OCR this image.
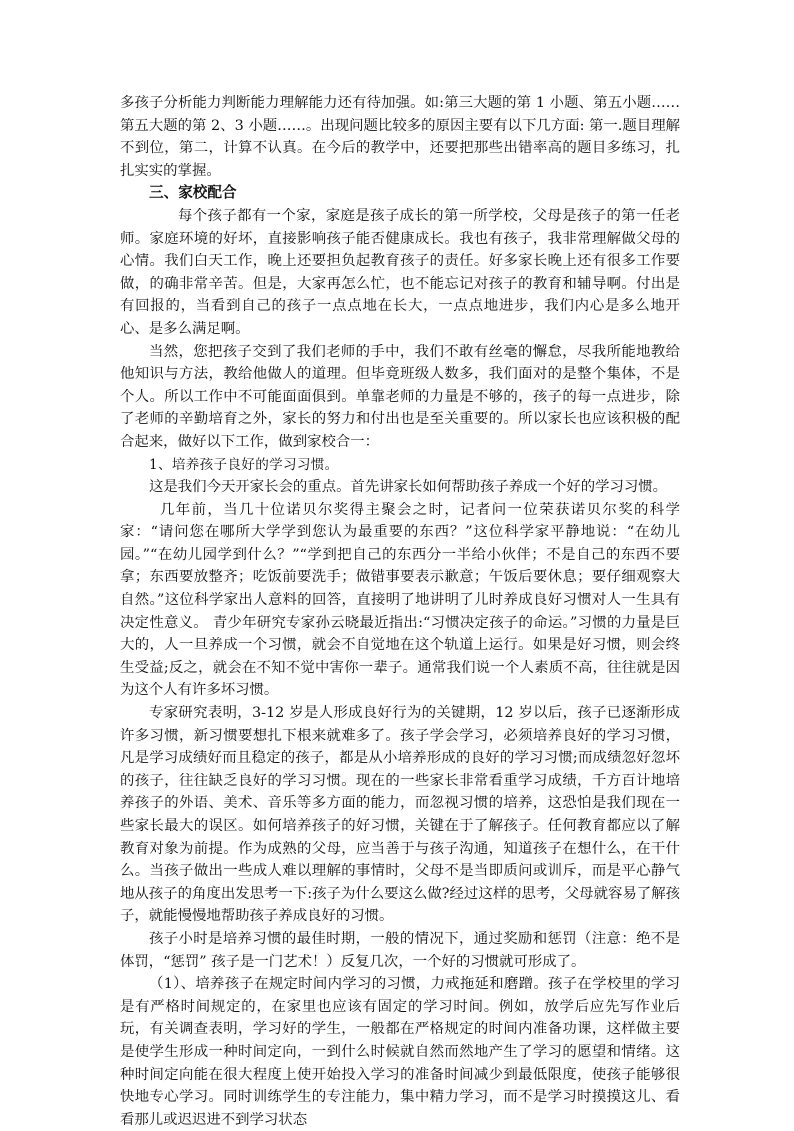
多孩子分析能力判断能力理解能力还有待加强。如:第三大题的第 1 小题、第五小题……第五大题的第 2、3 小题……。出现问题比较多的原因主要有以下几方面: 第一.题目理解不到位，第二，计算不认真。在今后的教学中，还要把那些出错率高的题目多练习，扎扎实实的掌握。

三、家校配合

每个孩子都有一个家，家庭是孩子成长的第一所学校，父母是孩子的第一任老师。家庭环境的好坏，直接影响孩子能否健康成长。我也有孩子，我非常理解做父母的心情。我们白天工作，晚上还要担负起教育孩子的责任。好多家长晚上还有很多工作要做，的确非常辛苦。但是，大家再怎么忙，也不能忘记对孩子的教育和辅导啊。付出是有回报的，当看到自己的孩子一点点地在长大，一点点地进步，我们内心是多么地开心、是多么满足啊。

当然，您把孩子交到了我们老师的手中，我们不敢有丝毫的懈怠，尽我所能地教给他知识与方法，教给他做人的道理。但毕竟班级人数多，我们面对的是整个集体，不是个人。所以工作中不可能面面俱到。单靠老师的力量是不够的，孩子的每一点进步，除了老师的辛勤培育之外，家长的努力和付出也是至关重要的。所以家长也应该积极的配合起来，做好以下工作，做到家校合一：

1、培养孩子良好的学习习惯。

这是我们今天开家长会的重点。首先讲家长如何帮助孩子养成一个好的学习习惯。

几年前，当几十位诺贝尔奖得主聚会之时，记者问一位荣获诺贝尔奖的科学家：“请问您在哪所大学学到您认为最重要的东西？”这位科学家平静地说：“在幼儿园。”“在幼儿园学到什么？”“学到把自己的东西分一半给小伙伴；不是自己的东西不要拿；东西要放整齐；吃饭前要洗手；做错事要表示歉意；午饭后要休息；要仔细观察大自然。”这位科学家出人意料的回答，直接明了地讲明了儿时养成良好习惯对人一生具有决定性意义。 青少年研究专家孙云晓最近指出:“习惯决定孩子的命运。”习惯的力量是巨大的，人一旦养成一个习惯，就会不自觉地在这个轨道上运行。如果是好习惯，则会终生受益;反之，就会在不知不觉中害你一辈子。通常我们说一个人素质不高，往往就是因为这个人有许多坏习惯。

专家研究表明，3-12 岁是人形成良好行为的关键期，12 岁以后，孩子已逐渐形成许多习惯，新习惯要想扎下根来就难多了。孩子学会学习，必须培养良好的学习习惯，凡是学习成绩好而且稳定的孩子，都是从小培养形成的良好的学习习惯;而成绩忽好忽坏的孩子，往往缺乏良好的学习习惯。现在的一些家长非常看重学习成绩，千方百计地培养孩子的外语、美术、音乐等多方面的能力，而忽视习惯的培养，这恐怕是我们现在一些家长最大的误区。如何培养孩子的好习惯，关键在于了解孩子。任何教育都应以了解教育对象为前提。作为成熟的父母，应当善于与孩子沟通，知道孩子在想什么，在干什么。当孩子做出一些成人难以理解的事情时，父母不是当即质问或训斥，而是平心静气地从孩子的角度出发思考一下:孩子为什么要这么做?经过这样的思考，父母就容易了解孩子，就能慢慢地帮助孩子养成良好的习惯。

孩子小时是培养习惯的最佳时期，一般的情况下，通过奖励和惩罚（注意：绝不是体罚，“惩罚” 孩子是一门艺术！）反复几次，一个好的习惯就可形成了。

（1）、培养孩子在规定时间内学习的习惯，力戒拖延和磨蹭。孩子在学校里的学习是有严格时间规定的，在家里也应该有固定的学习时间。例如，放学后应先写作业后玩，有关调查表明，学习好的学生，一般都在严格规定的时间内准备功课，这样做主要是使学生形成一种时间定向，一到什么时候就自然而然地产生了学习的愿望和情绪。这种时间定向能在很大程度上使开始投入学习的准备时间减少到最低限度，使孩子能够很快地专心学习。同时训练学生的专注能力，集中精力学习，而不是学习时摸摸这儿、看看那儿或迟迟进不到学习状态
